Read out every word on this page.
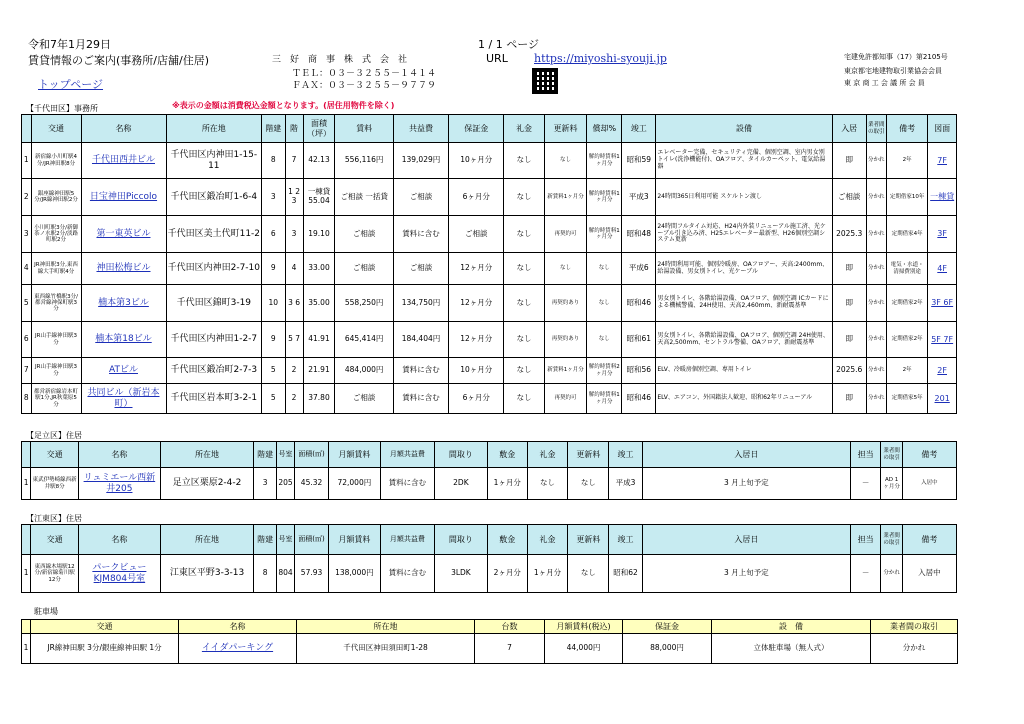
令和7年1月29日
賃貸情報のご案内(事務所/店舗/住居)
トップページ
三　好　商　事　株　式　会　社
ＴＥＬ：０３－３２５５－１４１４
ＦＡＸ：０３－３２５５－９７７９
1 / 1 ページ
URL https://miyoshi-syouji.jp	宅建免許都知事（17）第2105号
東京都宅地建物取引業協会会員
東 京 商 工 会 議 所 会 員
【千代田区】事務所	※表示の金額は消費税込金額となります。(居住用物件を除く)
	交通	名称	所在地	階建	階	面積（坪）	賃料	共益費	保証金	礼金	更新料	償却%	竣工	設備	入居	業者間の取引	備考	図面
1	新宿線小川町駅4分/JR神田駅8分	千代田西井ビル	千代田区内神田1-15-11	8	7	42.13	556,116円	139,029円	10ヶ月分	なし	なし	解約時賃料1ヶ月分	昭和59	エレベーター完備、セキュリティ完備、個別空調、室内男女別トイレ(洗浄機能付)、OAフロア、タイルカーペット、電気給湯器	即	分かれ	2年	7F
2	銀座線神田駅5分/JR線神田駅2分	日宝神田Piccolo	千代田区鍛冶町1-6-4	3	1 2 3	一棟貸 55.04	ご相談 一括貸	ご相談	6ヶ月分	なし	新賃料1ヶ月分	解約時賃料1ヶ月分	平成3	24時間365日利用可能 スケルトン渡し	ご相談	分かれ	定期借家10年	一棟貸
3	小川町駅3分/新御茶ノ水駅2分/淡路町駅2分	第一東英ビル	千代田区美土代町11-2	6	3	19.10	ご相談	賃料に含む	ご相談	なし	再契約可	解約時賃料1ヶ月分	昭和48	24時間フルタイム対応、H24内外装リニューアル施工済、光ケーブル引き込み済、H25エレベーター最新型、H26個別空調システム更新	2025.3	分かれ	定期借家4年	3F
4	JR神田駅3分,東西線大手町駅4分	神田松梅ビル	千代田区内神田2-7-10	9	4	33.00	ご相談	ご相談	12ヶ月分	なし	なし	なし	平成6	24時間利用可能、個別冷暖房、OAフロアー、天高:2400mm、給湯設備、男女別トイレ、光ケーブル	即	分かれ	電気・水道・清掃費別途	4F
5	東西線竹橋駅3分/都営線神保町駅3分	楠本第3ビル	千代田区錦町3-19	10	3 6	35.00	558,250円	134,750円	12ヶ月分	なし	再契約あり	なし	昭和46	男女別トイレ、各階給湯設備、OAフロア、個別空調 ICカードによる機械警備、24H使用、天高2,460mm、新耐震基準	即	分かれ	定期借家2年	3F 6F
6	JR山手線神田駅3分	楠本第18ビル	千代田区内神田1-2-7	9	5 7	41.91	645,414円	184,404円	12ヶ月分	なし	再契約あり	なし	昭和61	男女別トイレ、各階給湯設備、OAフロア、個別空調 24H使用、天高2,500mm、セントラル警備、OAフロア、新耐震基準	即	分かれ	定期借家2年	5F 7F
7	JR山手線神田駅3分	ATビル	千代田区鍛冶町2-7-3	5	2	21.91	484,000円	賃料に含む	10ヶ月分	なし	新賃料1ヶ月分	解約時賃料2ヶ月分	昭和56	ELV、冷暖房個別空調、専用トイレ	2025.6	分かれ	2年	2F
8	都営新宿線岩本町駅1分,JR秋葉原5分	共同ビル（新岩本町）	千代田区岩本町3-2-1	5	2	37.80	ご相談	賃料に含む	6ヶ月分	なし	再契約可	解約時賃料1ヶ月分	昭和46	ELV、エアコン、外国籍法人歓迎、昭和62年リニューアル	即	分かれ	定期借家5年	201
【足立区】住居
	交通	名称	所在地	階建	号室	面積(㎡)	月額賃料	月額共益費	間取り	敷金	礼金	更新料	竣工	入居日	担当	業者間の取引	備考
1	東武伊勢崎線西新井駅8分	リュミエール西新井205	足立区栗原2-4-2	3	205	45.32	72,000円	賃料に含む	2DK	1ヶ月分	なし	なし	平成3	3 月上旬予定	－	AD 1ヶ月分	入居中
【江東区】住居
	交通	名称	所在地	階建	号室	面積(㎡)	月額賃料	月額共益費	間取り	敷金	礼金	更新料	竣工	入居日	担当	業者間の取引	備考
1	東西線木場駅12分/新宿線菊川駅12分	パークビューKJM804号室	江東区平野3-3-13	8	804	57.93	138,000円	賃料に含む	3LDK	2ヶ月分	1ヶ月分	なし	昭和62	3 月上旬予定	－	分かれ	入居中
駐車場
	交通	名称	所在地	台数	月額賃料(税込)	保証金	設　備	業者間の取引
1	JR線神田駅 3分/銀座線神田駅 1分	イイダパーキング	千代田区神田須田町1-28	7	44,000円	88,000円	立体駐車場（無人式）	分かれ
